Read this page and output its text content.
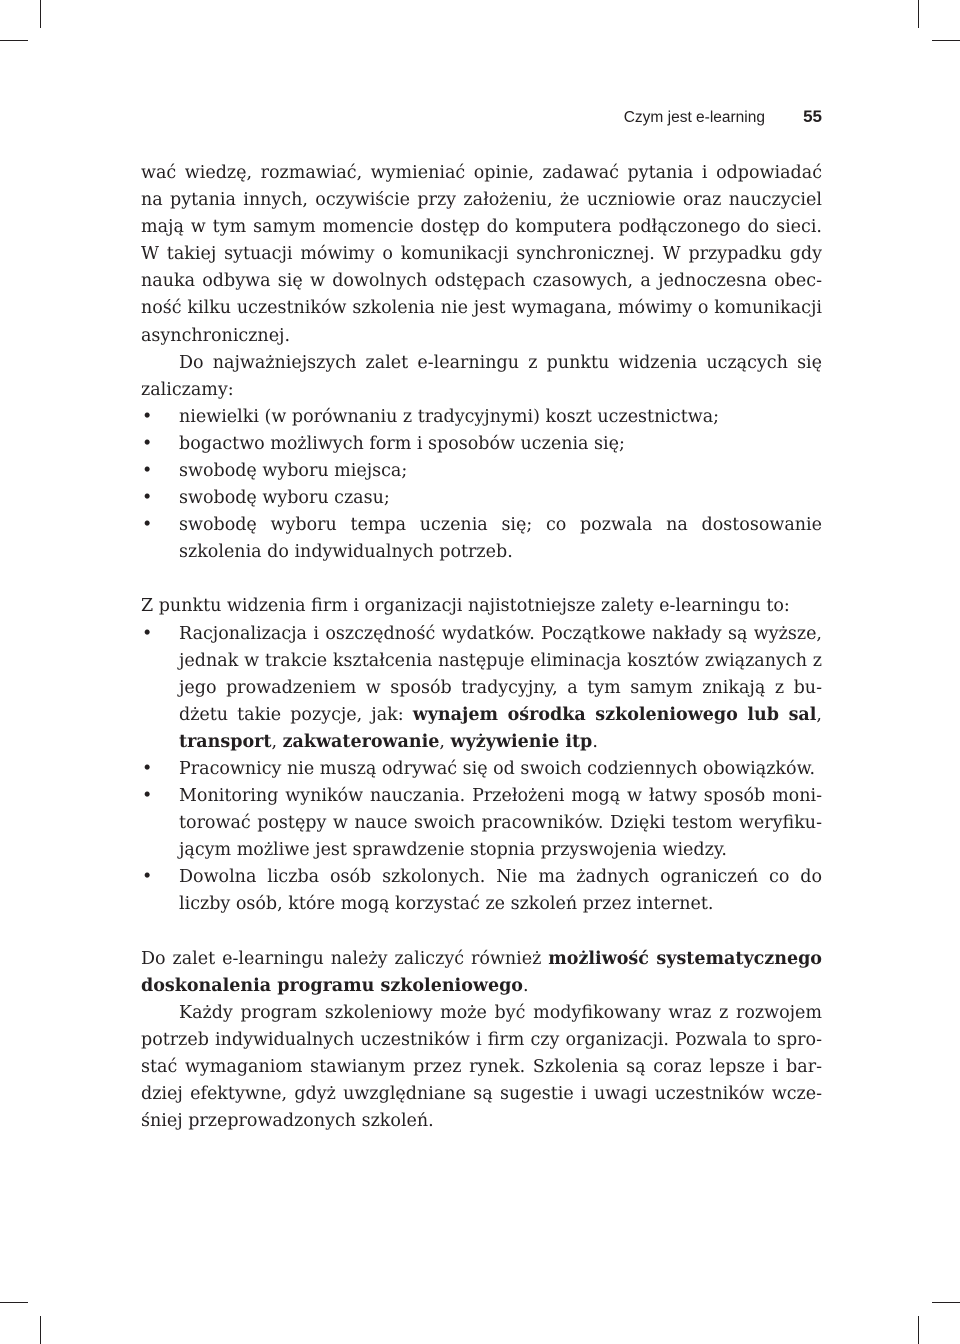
Czym jest e-learning 55

wać wiedzę, rozmawiać, wymieniać opinie, zadawać pytania i odpowiadać na pytania innych, oczywiście przy założeniu, że uczniowie oraz nauczyciel mają w tym samym momencie dostęp do komputera podłączonego do sieci. W takiej sytuacji mówimy o komunikacji synchronicznej. W przypadku gdy nauka odbywa się w dowolnych odstępach czasowych, a jednoczesna obecność kilku uczestników szkolenia nie jest wymagana, mówimy o komunikacji asynchronicznej.

Do najważniejszych zalet e-learningu z punktu widzenia uczących się zaliczamy:

• niewielki (w porównaniu z tradycyjnymi) koszt uczestnictwa;
• bogactwo możliwych form i sposobów uczenia się;
• swobodę wyboru miejsca;
• swobodę wyboru czasu;
• swobodę wyboru tempa uczenia się; co pozwala na dostosowanie szkolenia do indywidualnych potrzeb.

Z punktu widzenia firm i organizacji najistotniejsze zalety e-learningu to:

• Racjonalizacja i oszczędność wydatków. Początkowe nakłady są wyższe, jednak w trakcie kształcenia następuje eliminacja kosztów związanych z jego prowadzeniem w sposób tradycyjny, a tym samym znikają z budżetu takie pozycje, jak: wynajem ośrodka szkoleniowego lub sal, transport, zakwaterowanie, wyżywienie itp.
• Pracownicy nie muszą odrywać się od swoich codziennych obowiązków.
• Monitoring wyników nauczania. Przełożeni mogą w łatwy sposób monitorować postępy w nauce swoich pracowników. Dzięki testom weryfikującym możliwe jest sprawdzenie stopnia przyswojenia wiedzy.
• Dowolna liczba osób szkolonych. Nie ma żadnych ograniczeń co do liczby osób, które mogą korzystać ze szkoleń przez internet.

Do zalet e-learningu należy zaliczyć również możliwość systematycznego doskonalenia programu szkoleniowego.

Każdy program szkoleniowy może być modyfikowany wraz z rozwojem potrzeb indywidualnych uczestników i firm czy organizacji. Pozwala to sprostać wymaganiom stawianym przez rynek. Szkolenia są coraz lepsze i bardziej efektywne, gdyż uwzględniane są sugestie i uwagi uczestników wcześniej przeprowadzonych szkoleń.
